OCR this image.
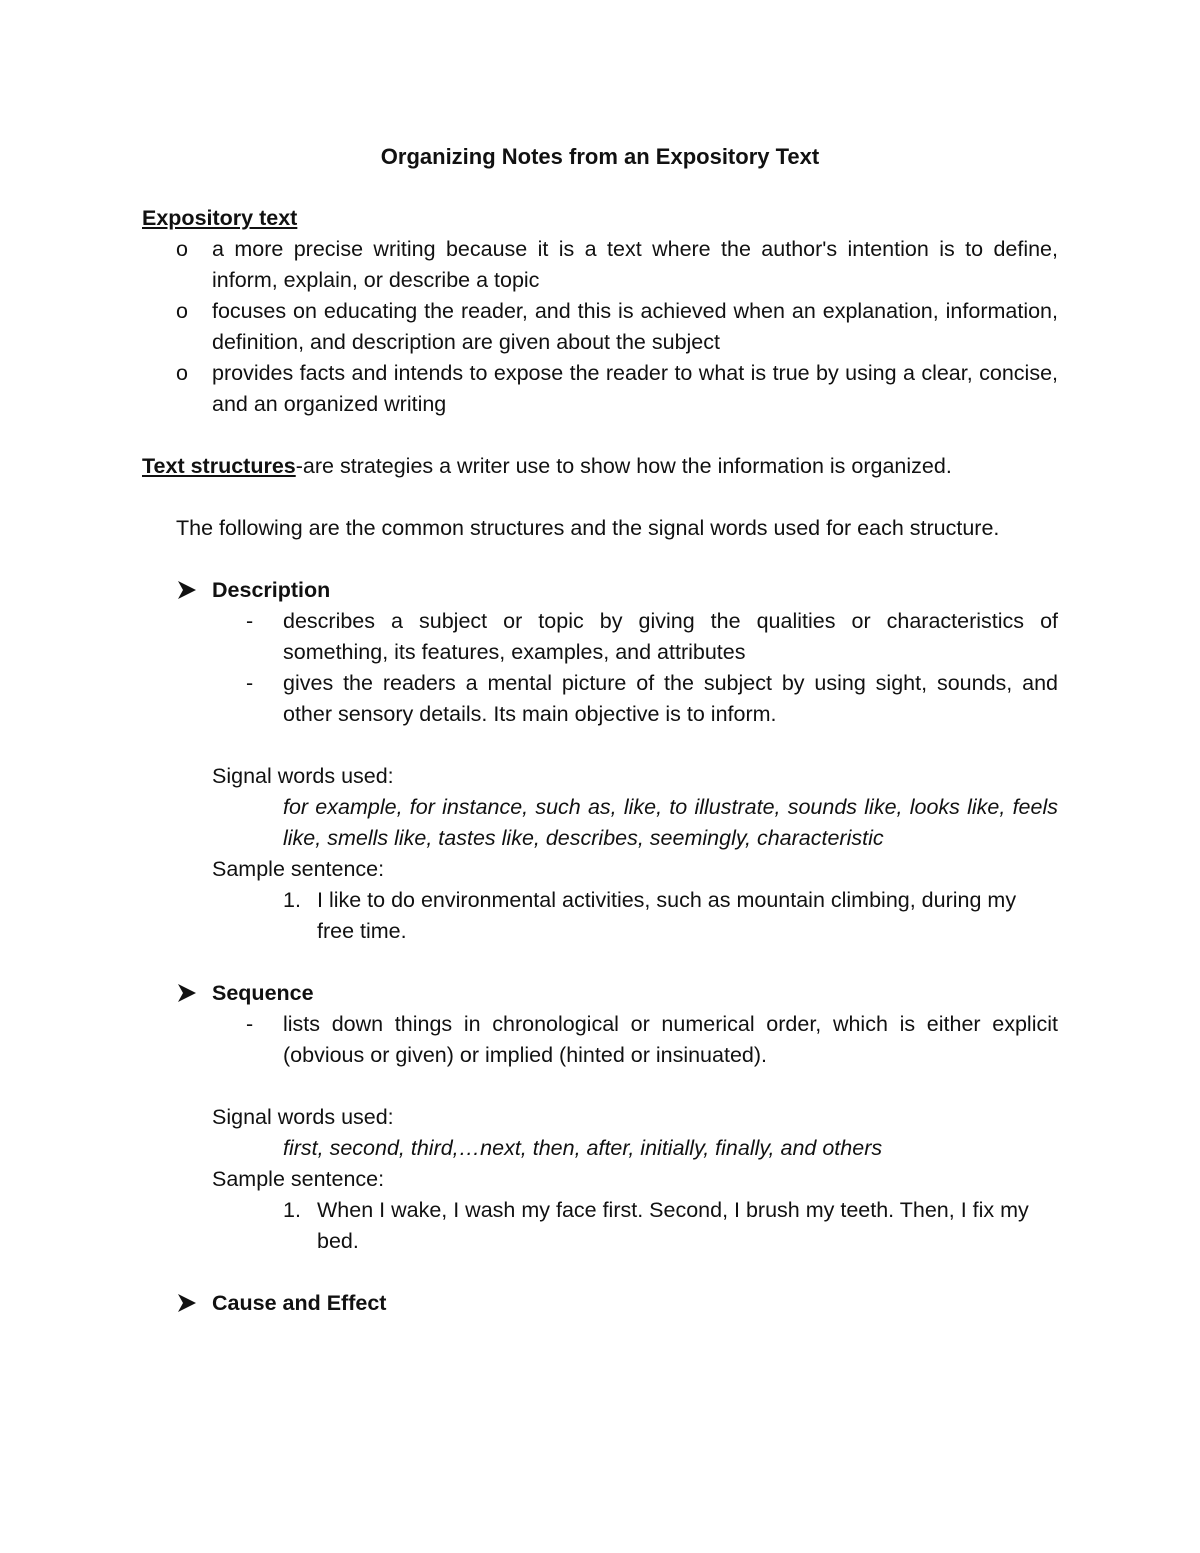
Organizing Notes from an Expository Text

Expository text

o a more precise writing because it is a text where the author's intention is to define, inform, explain, or describe a topic
o focuses on educating the reader, and this is achieved when an explanation, information, definition, and description are given about the subject
o provides facts and intends to expose the reader to what is true by using a clear, concise, and an organized writing

Text structures-are strategies a writer use to show how the information is organized.

The following are the common structures and the signal words used for each structure.

Description
- describes a subject or topic by giving the qualities or characteristics of something, its features, examples, and attributes
- gives the readers a mental picture of the subject by using sight, sounds, and other sensory details. Its main objective is to inform.
Signal words used:
for example, for instance, such as, like, to illustrate, sounds like, looks like, feels like, smells like, tastes like, describes, seemingly, characteristic
Sample sentence:
1. I like to do environmental activities, such as mountain climbing, during my free time.
Sequence
- lists down things in chronological or numerical order, which is either explicit (obvious or given) or implied (hinted or insinuated).
Signal words used:
first, second, third,…next, then, after, initially, finally, and others
Sample sentence:
1. When I wake, I wash my face first. Second, I brush my teeth. Then, I fix my bed.
Cause and Effect
